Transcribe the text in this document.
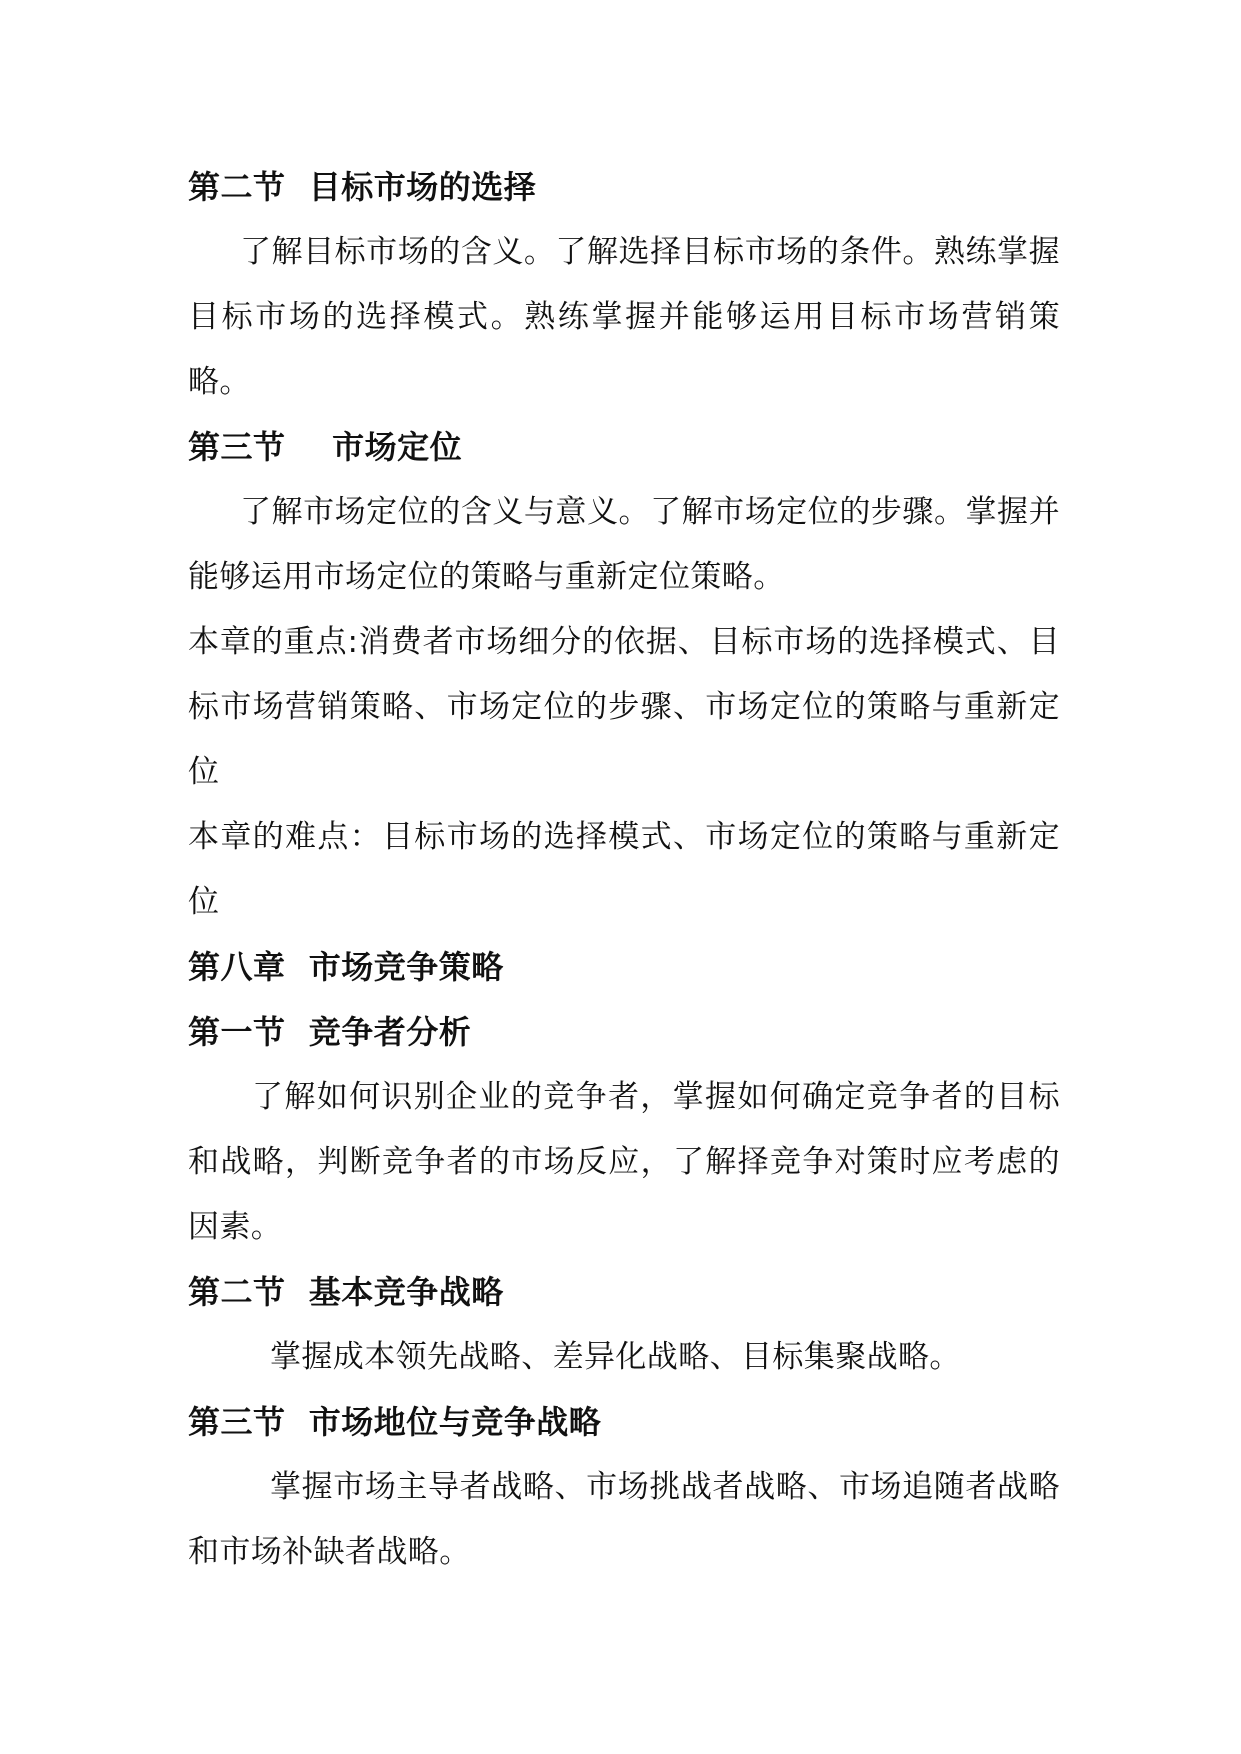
第二节  目标市场的选择
了解目标市场的含义。了解选择目标市场的条件。熟练掌握目标市场的选择模式。熟练掌握并能够运用目标市场营销策略。
第三节    市场定位
了解市场定位的含义与意义。了解市场定位的步骤。掌握并能够运用市场定位的策略与重新定位策略。
本章的重点:消费者市场细分的依据、目标市场的选择模式、目标市场营销策略、市场定位的步骤、市场定位的策略与重新定位
本章的难点：目标市场的选择模式、市场定位的策略与重新定位
第八章  市场竞争策略
第一节  竞争者分析
了解如何识别企业的竞争者，掌握如何确定竞争者的目标和战略，判断竞争者的市场反应，了解择竞争对策时应考虑的因素。
第二节  基本竞争战略
掌握成本领先战略、差异化战略、目标集聚战略。
第三节  市场地位与竞争战略
掌握市场主导者战略、市场挑战者战略、市场追随者战略和市场补缺者战略。
